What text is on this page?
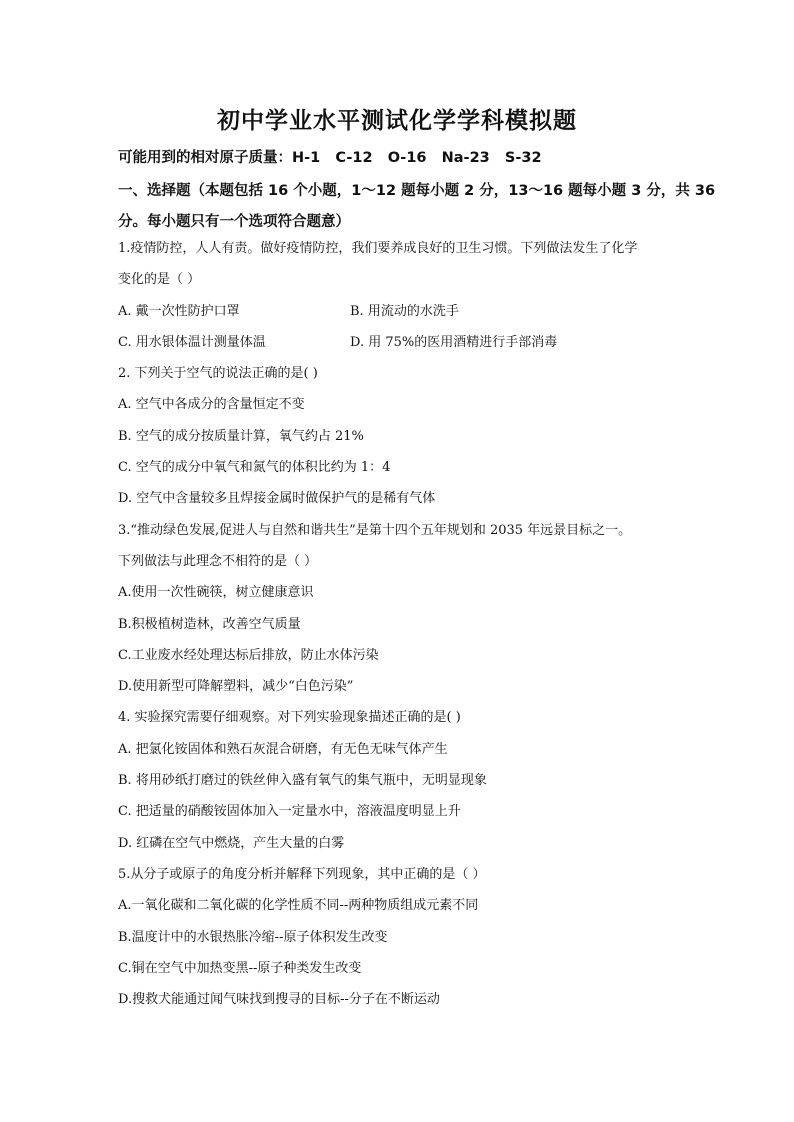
初中学业水平测试化学学科模拟题
可能用到的相对原子质量：H-1   C-12   O-16   Na-23   S-32
一、选择题（本题包括 16 个小题，1～12 题每小题 2 分，13～16 题每小题 3 分，共 36
分。每小题只有一个选项符合题意）
1.疫情防控，人人有责。做好疫情防控，我们要养成良好的卫生习惯。下列做法发生了化学
变化的是（ ）
A. 戴一次性防护口罩	B. 用流动的水洗手
C. 用水银体温计测量体温	D. 用 75%的医用酒精进行手部消毒
2. 下列关于空气的说法正确的是( )
A. 空气中各成分的含量恒定不变
B. 空气的成分按质量计算，氧气约占 21%
C. 空气的成分中氧气和氮气的体积比约为 1：4
D. 空气中含量较多且焊接金属时做保护气的是稀有气体
3.“推动绿色发展,促进人与自然和谐共生”是第十四个五年规划和 2035 年远景目标之一。
下列做法与此理念不相符的是（ ）
A.使用一次性碗筷，树立健康意识
B.积极植树造林，改善空气质量
C.工业废水经处理达标后排放，防止水体污染
D.使用新型可降解塑料，减少“白色污染”
4. 实验探究需要仔细观察。对下列实验现象描述正确的是( )
A. 把氯化铵固体和熟石灰混合研磨，有无色无味气体产生
B. 将用砂纸打磨过的铁丝伸入盛有氧气的集气瓶中，无明显现象
C. 把适量的硝酸铵固体加入一定量水中，溶液温度明显上升
D. 红磷在空气中燃烧，产生大量的白雾
5.从分子或原子的角度分析并解释下列现象，其中正确的是（ ）
A.一氧化碳和二氧化碳的化学性质不同--两种物质组成元素不同
B.温度计中的水银热胀冷缩--原子体积发生改变
C.铜在空气中加热变黑--原子种类发生改变
D.搜救犬能通过闻气味找到搜寻的目标--分子在不断运动
